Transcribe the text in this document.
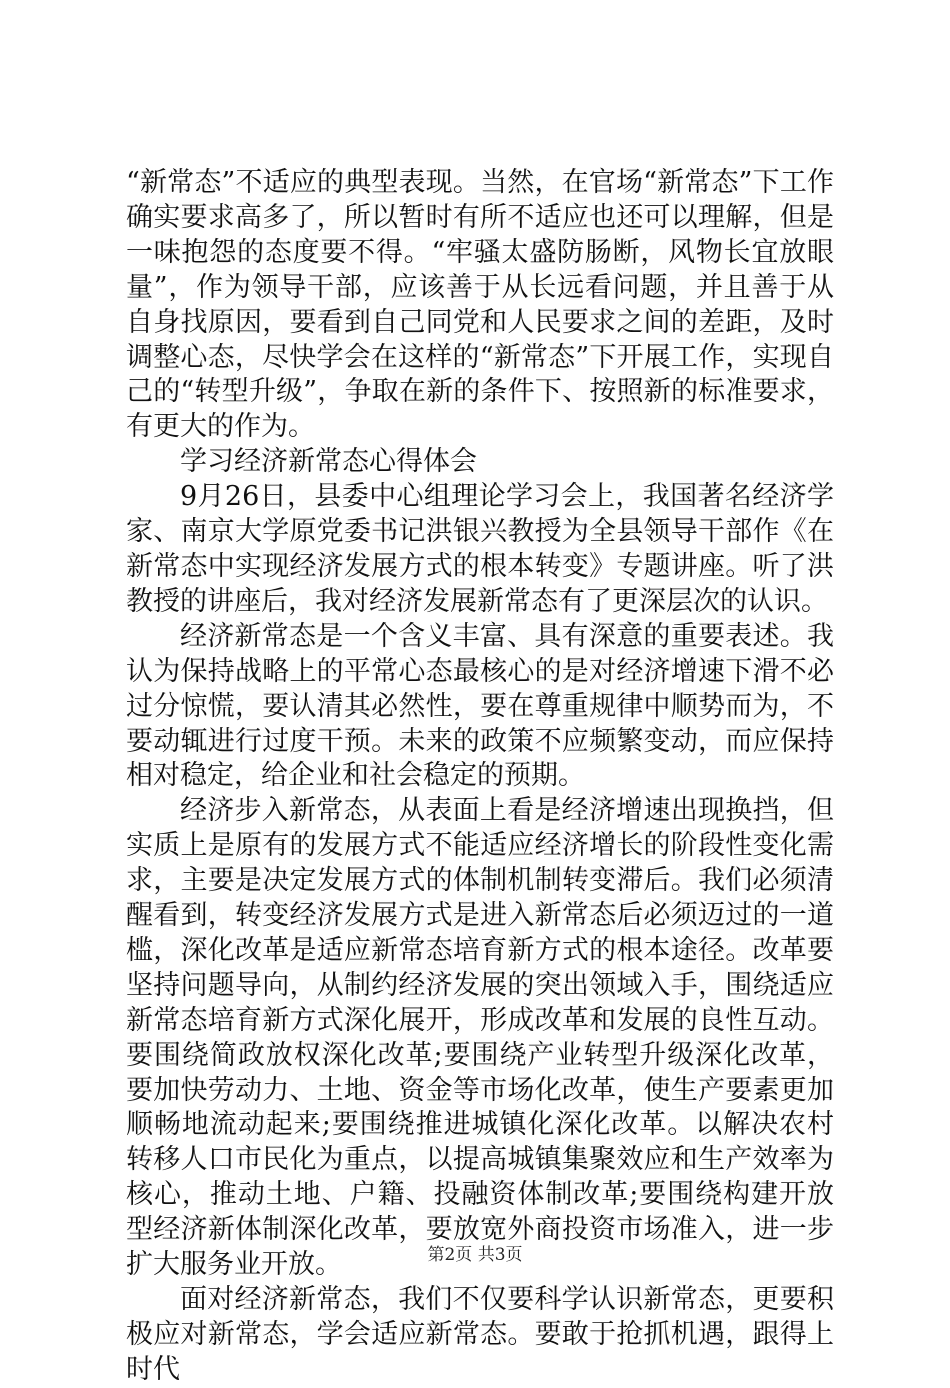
“新常态”不适应的典型表现。当然，在官场“新常态”下工作确实要求高多了，所以暂时有所不适应也还可以理解，但是一味抱怨的态度要不得。“牢骚太盛防肠断，风物长宜放眼量”，作为领导干部，应该善于从长远看问题，并且善于从自身找原因，要看到自己同党和人民要求之间的差距，及时调整心态，尽快学会在这样的“新常态”下开展工作，实现自己的“转型升级”，争取在新的条件下、按照新的标准要求，有更大的作为。

学习经济新常态心得体会

9月26日，县委中心组理论学习会上，我国著名经济学家、南京大学原党委书记洪银兴教授为全县领导干部作《在新常态中实现经济发展方式的根本转变》专题讲座。听了洪教授的讲座后，我对经济发展新常态有了更深层次的认识。

经济新常态是一个含义丰富、具有深意的重要表述。我认为保持战略上的平常心态最核心的是对经济增速下滑不必过分惊慌，要认清其必然性，要在尊重规律中顺势而为，不要动辄进行过度干预。未来的政策不应频繁变动，而应保持相对稳定，给企业和社会稳定的预期。

经济步入新常态，从表面上看是经济增速出现换挡，但实质上是原有的发展方式不能适应经济增长的阶段性变化需求，主要是决定发展方式的体制机制转变滞后。我们必须清醒看到，转变经济发展方式是进入新常态后必须迈过的一道槛，深化改革是适应新常态培育新方式的根本途径。改革要坚持问题导向，从制约经济发展的突出领域入手，围绕适应新常态培育新方式深化展开，形成改革和发展的良性互动。要围绕简政放权深化改革;要围绕产业转型升级深化改革，要加快劳动力、土地、资金等市场化改革，使生产要素更加顺畅地流动起来;要围绕推进城镇化深化改革。以解决农村转移人口市民化为重点，以提高城镇集聚效应和生产效率为核心，推动土地、户籍、投融资体制改革;要围绕构建开放型经济新体制深化改革，要放宽外商投资市场准入，进一步扩大服务业开放。

面对经济新常态，我们不仅要科学认识新常态，更要积极应对新常态，学会适应新常态。要敢于抢抓机遇，跟得上时代

第2页 共3页
